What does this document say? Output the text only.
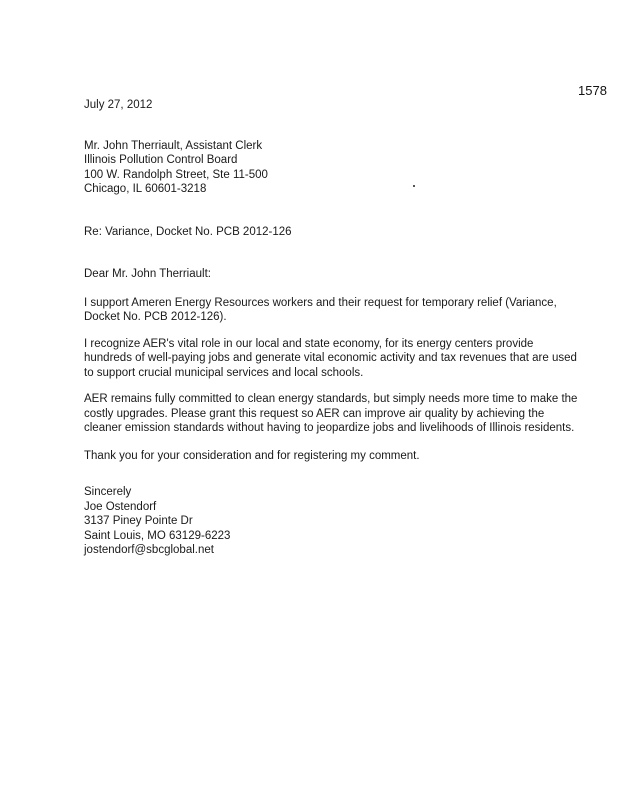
1578
July 27, 2012
Mr. John Therriault, Assistant Clerk
Illinois Pollution Control Board
100 W. Randolph Street, Ste 11-500
Chicago, IL 60601-3218
Re: Variance, Docket No. PCB 2012-126
Dear Mr. John Therriault:
I support Ameren Energy Resources workers and their request for temporary relief (Variance, Docket No. PCB 2012-126).
I recognize AER's vital role in our local and state economy, for its energy centers provide hundreds of well-paying jobs and generate vital economic activity and tax revenues that are used to support crucial municipal services and local schools.
AER remains fully committed to clean energy standards, but simply needs more time to make the costly upgrades. Please grant this request so AER can improve air quality by achieving the cleaner emission standards without having to jeopardize jobs and livelihoods of Illinois residents.
Thank you for your consideration and for registering my comment.
Sincerely
Joe Ostendorf
3137 Piney Pointe Dr
Saint Louis, MO 63129-6223
jostendorf@sbcglobal.net
